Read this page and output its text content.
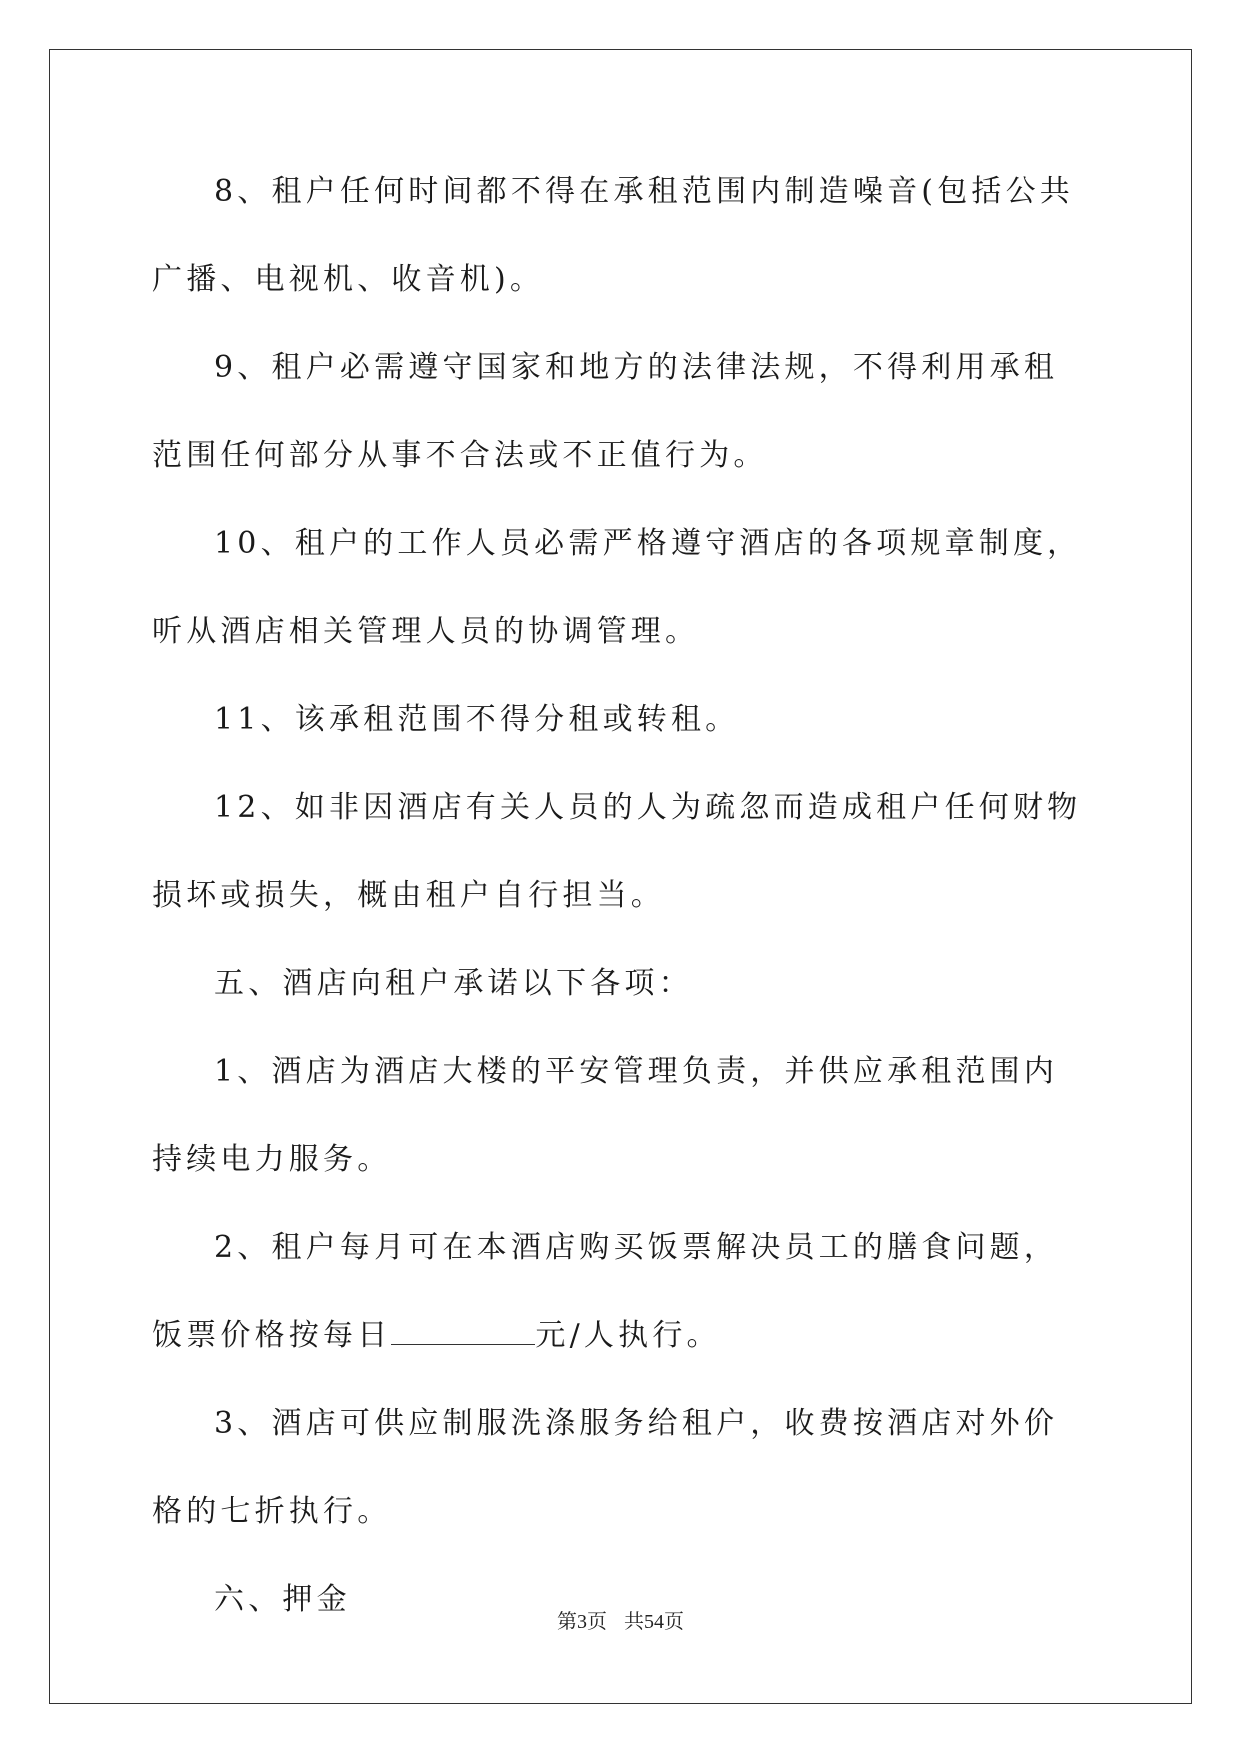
8、租户任何时间都不得在承租范围内制造噪音(包括公共广播、电视机、收音机)。

9、租户必需遵守国家和地方的法律法规，不得利用承租范围任何部分从事不合法或不正值行为。

10、租户的工作人员必需严格遵守酒店的各项规章制度，听从酒店相关管理人员的协调管理。

11、该承租范围不得分租或转租。

12、如非因酒店有关人员的人为疏忽而造成租户任何财物损坏或损失，概由租户自行担当。

五、酒店向租户承诺以下各项：

1、酒店为酒店大楼的平安管理负责，并供应承租范围内持续电力服务。

2、租户每月可在本酒店购买饭票解决员工的膳食问题，饭票价格按每日	元/人执行。

3、酒店可供应制服洗涤服务给租户，收费按酒店对外价格的七折执行。

六、押金

第3页 共54页
